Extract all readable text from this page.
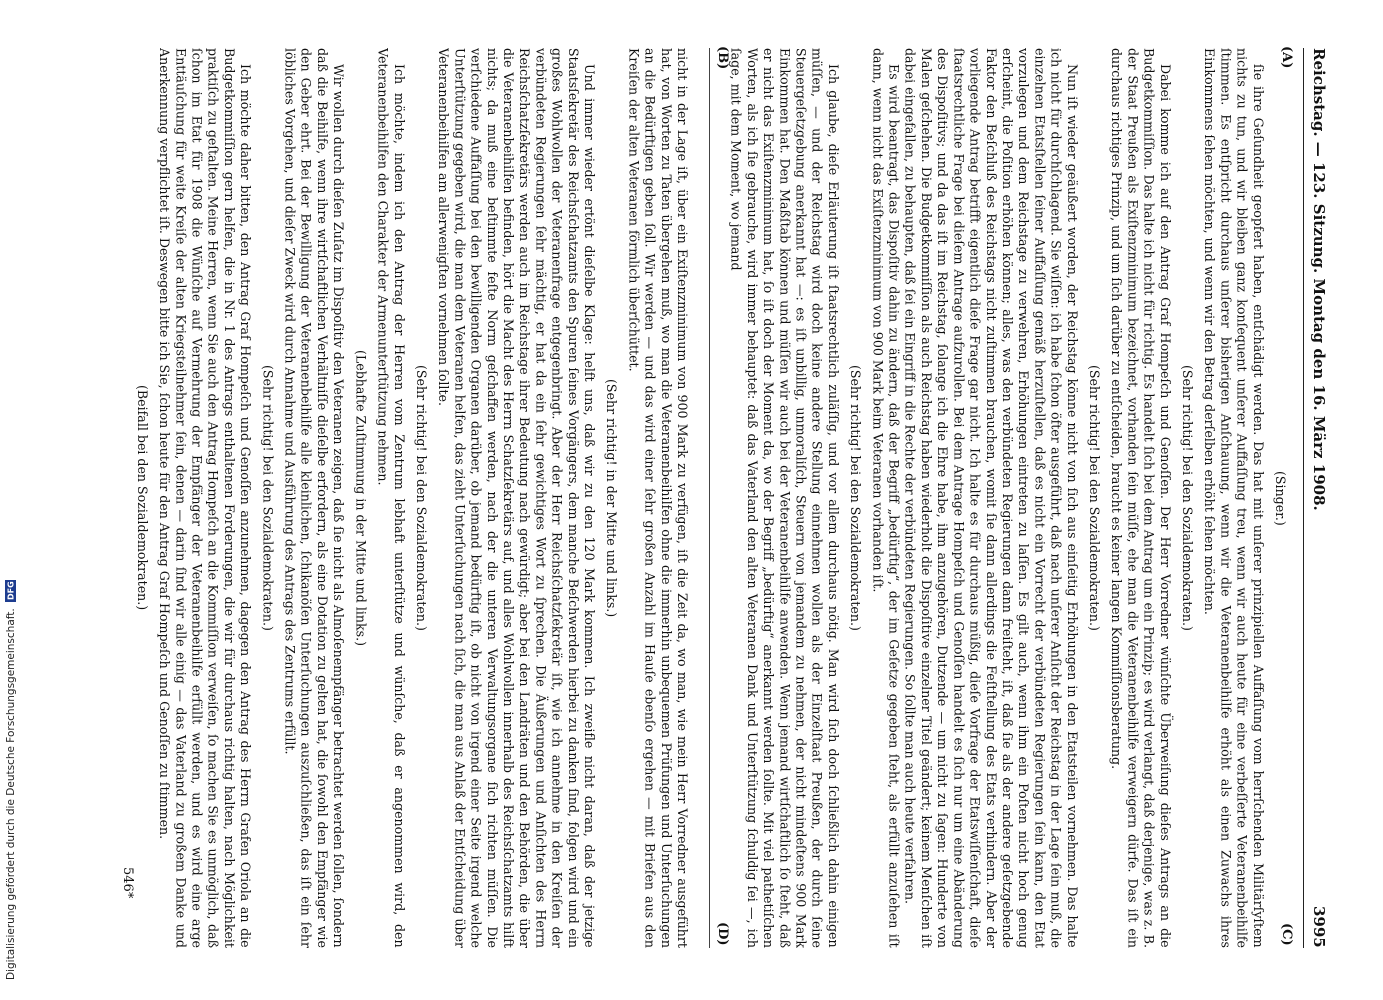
Digitalisierung gefördert durch die Deutsche Forschungsgemeinschaft.
DFG
Reichstag. — 123. Sitzung. Montag den 16. März 1908.
3995
(A)
(B)
(C)
(D)

(Singer.)

ſie ihre Geſundheit geopfert haben, entſchädigt werden. Das hat mit unſerer prinzipiellen Auffaſſung vom herrſchenden Militärſyſtem nichts zu tun, und wir bleiben ganz konſequent unſerer Auffaſſung treu, wenn wir auch heute für eine verbeſſerte Veteranenbeihilfe ſtimmen. Es entſpricht durchaus unſerer bisherigen Anſchauung, wenn wir die Veteranenbeihilfe erhöht als einen Zuwachs ihres Einkommens ſehen möchten, und wenn wir den Betrag derſelben erhöht ſehen möchten.

(Sehr richtig! bei den Sozialdemokraten.)

Dabei komme ich auf den Antrag Graf Hompeſch und Genoſſen. Der Herr Vorredner wünſchte Überweiſung dieſes Antrags an die Budgetkommiſſion. Das halte ich nicht für richtig. Es handelt ſich bei dem Antrag um ein Prinzip; es wird verlangt, daß derjenige, was z. B. der Staat Preußen als Exiſtenzminimum bezeichnet, vorhanden ſein müſſe, ehe man die Veteranenbeihilfe verweigern dürfe. Das iſt ein durchaus richtiges Prinzip, und um ſich darüber zu entſcheiden, braucht es keiner langen Kommiſſionsberatung.

(Sehr richtig! bei den Sozialdemokraten.)

Nun iſt wieder geäußert worden, der Reichstag könne nicht von ſich aus einſeitig Erhöhungen in den Etatsteilen vornehmen. Das halte ich nicht für durchſchlagend. Sie wiſſen: ich habe ſchon öfter ausgeführt, daß nach unſerer Anſicht der Reichstag in der Lage ſein muß, die einzelnen Etatsſtellen ſeiner Auffaſſung gemäß herzuſtellen, daß es nicht ein Vorrecht der verbündeten Regierungen ſein kann, den Etat vorzulegen und dem Reichstage zu verwehren, Erhöhungen eintreten zu laſſen. Es gilt auch, wenn ihm ein Poſten nicht hoch genug erſcheint, die Poſition erhöhen können; alles, was den verbündeten Regierungen dann freiſteht, iſt, daß ſie als der andere geſetzgebende Faktor den Beſchluß des Reichstags nicht zuſtimmen brauchen, womit ſie dann allerdings die Feſtſtellung des Etats verhindern. Aber der vorliegende Antrag betrifft eigentlich dieſe Frage gar nicht. Ich halte es für durchaus müßig, dieſe Vorfrage der Etatswiſſenſchaft, dieſe ſtaatsrechtliche Frage bei dieſem Antrage aufzurollen. Bei dem Antrage Hompeſch und Genoſſen handelt es ſich nur um eine Abänderung des Dispoſitivs; und da das iſt im Reichstag, ſolange ich die Ehre habe, ihm anzugehören, Dutzende — um nicht zu ſagen: Hunderte von Malen geſchehen. Die Budgetkommiſſion als auch Reichstag haben wiederholt die Dispoſitive einzelner Titel geändert; keinem Menſchen iſt dabei eingefallen, zu behaupten, daß ſei ein Eingriff in die Rechte der verbündeten Regierungen. So ſollte man auch heute verfahren.

Es wird beantragt, das Dispoſitiv dahin zu ändern, daß der Begriff „bedürftig“, der im Geſetze gegeben ſteht, als erfüllt anzuſehen iſt dann, wenn nicht das Exiſtenzminimum von 900 Mark beim Veteranen vorhanden iſt.

(Sehr richtig! bei den Sozialdemokraten.)

Ich glaube, dieſe Erläuterung iſt ſtaatsrechtlich zuläſſig, und vor allem durchaus nötig. Man wird ſich doch ſchließlich dahin einigen müſſen, — und der Reichstag wird doch keine andere Stellung einnehmen wollen als der Einzelſtaat Preußen, der durch ſeine Steuergeſetzgebung anerkannt hat —: es iſt unbillig, unmoraliſch, Steuern von jemandem zu nehmen, der nicht mindeſtens 900 Mark Einkommen hat. Den Maßſtab können und müſſen wir auch bei der Veteranenbeihilfe anwenden. Wenn jemand wirtſchaftlich ſo ſteht, daß er nicht das Exiſtenzminimum hat, ſo iſt doch der Moment da, wo der Begriff „bedürftig“ anerkannt werden ſollte. Mit viel pathetiſchen Worten, als ich ſie gebrauche, wird immer behauptet: daß das Vaterland den alten Veteranen Dank und Unterſtützung ſchuldig ſei —, ich ſage, mit dem Moment, wo jemand

nicht in der Lage iſt, über ein Exiſtenzminimum von 900 Mark zu verfügen, iſt die Zeit da, wo man, wie mein Herr Vorredner ausgeführt hat, von Worten zu Taten übergehen muß, wo man die Veteranenbeihilfen ohne die immerhin unbequemen Prüfungen und Unterſuchungen an die Bedürftigen geben ſoll. Wir werden — und das wird einer ſehr großen Anzahl im Hauſe ebenſo ergehen — mit Briefen aus den Kreiſen der alten Veteranen förmlich überſchüttet.

(Sehr richtig! in der Mitte und links.)

Und immer wieder ertönt dieſelbe Klage: helft uns, daß wir zu den 120 Mark kommen. Ich zweifle nicht daran, daß der jetzige Staatsſekretär des Reichsſchatzamts den Spuren ſeines Vorgängers, dem manche Beſchwerden hierbei zu danken ſind, folgen wird und ein großes Wohlwollen der Veteranenfrage entgegenbringt. Aber der Herr Reichsſchatzſekretär iſt, wie ich annehme in den Kreiſen der verbündeten Regierungen ſehr mächtig, er hat da ein ſehr gewichtiges Wort zu ſprechen. Die Äußerungen und Anſichten des Herrn Reichsſchatzſekretärs werden auch im Reichstage ihrer Bedeutung nach gewürdigt; aber bei den Landräten und den Behörden, die über die Veteranenbeihilfen befinden, hört die Macht des Herrn Schatzſekretärs auf, und alles Wohlwollen innerhalb des Reichsſchatzamts hilft nichts; da muß eine beſtimmte feſte Norm geſchaffen werden, nach der die unteren Verwaltungsorgane ſich richten müſſen. Die verſchiedene Auffaſſung bei den bewilligenden Organen darüber, ob jemand bedürftig iſt, ob nicht von irgend einer Seite irgend welche Unterſtützung gegeben wird, die man dem Veteranen helfen, das zieht Unterſuchungen nach ſich, die man aus Anlaß der Entſcheidung über Veteranenbeihilfen am allerwenigſten vornehmen ſollte.

(Sehr richtig! bei den Sozialdemokraten.)

Ich möchte, indem ich den Antrag der Herren vom Zentrum lebhaft unterſtütze und wünſche, daß er angenommen wird, den Veteranenbeihilfen den Charakter der Armenunterſtützung nehmen.

(Lebhafte Zuſtimmung in der Mitte und links.)

Wir wollen durch dieſen Zuſatz im Dispoſitiv den Veteranen zeigen, daß ſie nicht als Almoſenempfänger betrachtet werden ſollen, ſondern daß die Beihilfe, wenn ihre wirtſchaftlichen Verhältniſſe dieſelbe erfordern, als eine Dotation zu gelten hat, die ſowohl den Empfänger wie den Geber ehrt. Bei der Bewilligung der Veteranenbeihilfe alle kleinlichen, ſchikanöſen Unterſuchungen auszuſchließen, das iſt ein ſehr löbliches Vorgehen, und dieſer Zweck wird durch Annahme und Ausführung des Antrags des Zentrums erfüllt.

(Sehr richtig! bei den Sozialdemokraten.)

Ich möchte daher bitten, den Antrag Graf Hompeſch und Genoſſen anzunehmen, dagegen den Antrag des Herrn Grafen Oriola an die Budgetkommiſſion gern helfen, die in Nr. 1 des Antrags enthaltenen Forderungen, die wir für durchaus richtig halten, nach Möglichkeit praktiſch zu geſtalten. Meine Herren, wenn Sie auch den Antrag Hompeſch an die Kommiſſion verweiſen, ſo machen Sie es unmöglich, daß ſchon im Etat für 1908 die Wünſche auf Vermehrung der Empfänger der Veteranenbeihilfe erfüllt werden, und es wird eine arge Enttäuſchung für weite Kreiſe der alten Kriegsteilnehmer ſein, denen — darin ſind wir alle einig — das Vaterland zu großem Danke und Anerkennung verpflichtet iſt. Deswegen bitte ich Sie, ſchon heute für den Antrag Graf Hompeſch und Genoſſen zu ſtimmen.

(Beifall bei den Sozialdemokraten.)

546*
